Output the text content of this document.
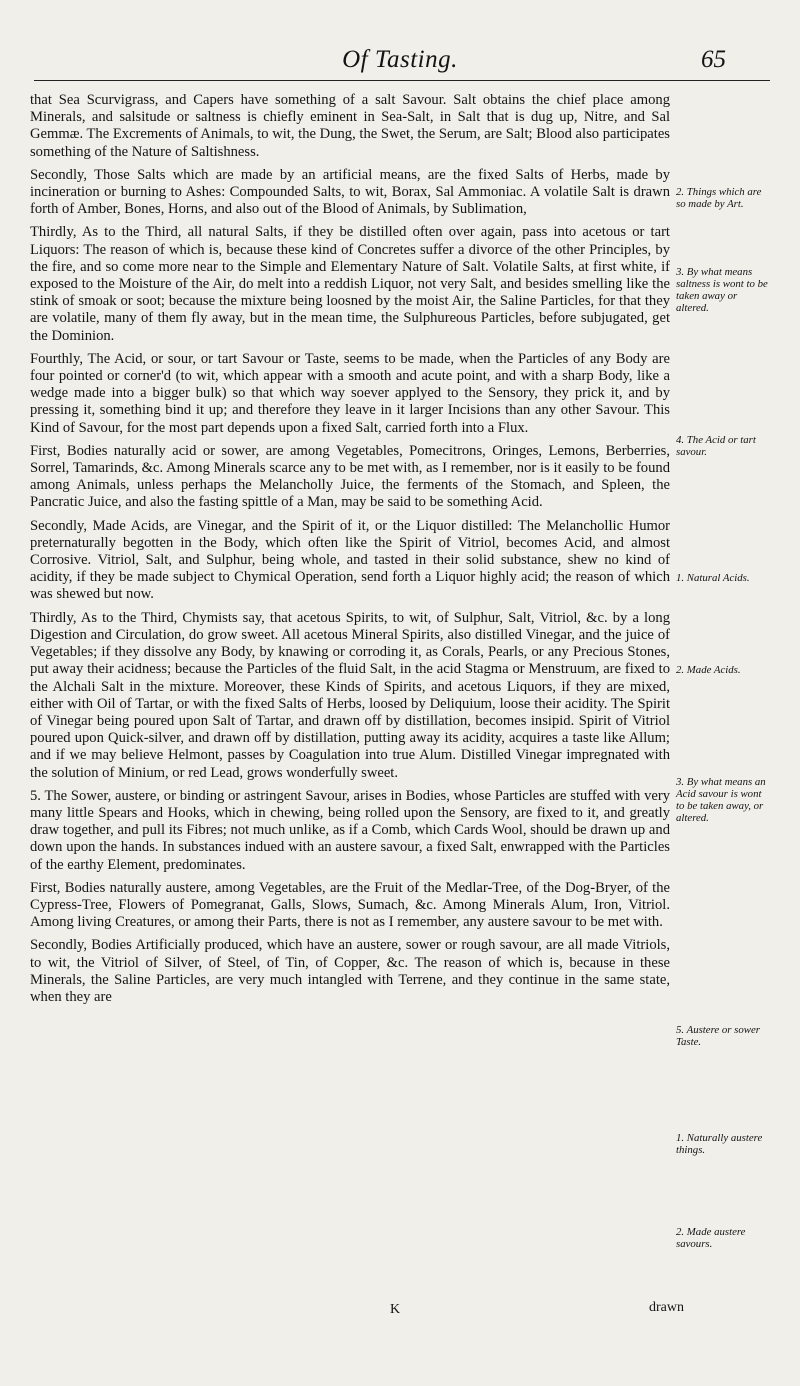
Of Tasting.	65

that Sea Scurvigrass, and Capers have something of a salt Savour. Salt obtains the chief place among Minerals, and salsitude or saltness is chiefly eminent in Sea-Salt, in Salt that is dug up, Nitre, and Sal Gemmæ. The Excrements of Animals, to wit, the Dung, the Swet, the Serum, are Salt; Blood also participates something of the Nature of Saltishness.

Secondly, Those Salts which are made by an artificial means, are the fixed Salts of Herbs, made by incineration or burning to Ashes: Compounded Salts, to wit, Borax, Sal Ammoniac. A volatile Salt is drawn forth of Amber, Bones, Horns, and also out of the Blood of Animals, by Sublimation,

Thirdly, As to the Third, all natural Salts, if they be distilled often over again, pass into acetous or tart Liquors: The reason of which is, because these kind of Concretes suffer a divorce of the other Principles, by the fire, and so come more near to the Simple and Elementary Nature of Salt. Volatile Salts, at first white, if exposed to the Moisture of the Air, do melt into a reddish Liquor, not very Salt, and besides smelling like the stink of smoak or soot; because the mixture being loosned by the moist Air, the Saline Particles, for that they are volatile, many of them fly away, but in the mean time, the Sulphureous Particles, before subjugated, get the Dominion.

Fourthly, The Acid, or sour, or tart Savour or Taste, seems to be made, when the Particles of any Body are four pointed or corner'd (to wit, which appear with a smooth and acute point, and with a sharp Body, like a wedge made into a bigger bulk) so that which way soever applyed to the Sensory, they prick it, and by pressing it, something bind it up; and therefore they leave in it larger Incisions than any other Savour. This Kind of Savour, for the most part depends upon a fixed Salt, carried forth into a Flux.

First, Bodies naturally acid or sower, are among Vegetables, Pomecitrons, Oringes, Lemons, Berberries, Sorrel, Tamarinds, &c. Among Minerals scarce any to be met with, as I remember, nor is it easily to be found among Animals, unless perhaps the Melancholly Juice, the ferments of the Stomach, and Spleen, the Pancratic Juice, and also the fasting spittle of a Man, may be said to be something Acid.

Secondly, Made Acids, are Vinegar, and the Spirit of it, or the Liquor distilled: The Melanchollic Humor preternaturally begotten in the Body, which often like the Spirit of Vitriol, becomes Acid, and almost Corrosive. Vitriol, Salt, and Sulphur, being whole, and tasted in their solid substance, shew no kind of acidity, if they be made subject to Chymical Operation, send forth a Liquor highly acid; the reason of which was shewed but now.

Thirdly, As to the Third, Chymists say, that acetous Spirits, to wit, of Sulphur, Salt, Vitriol, &c. by a long Digestion and Circulation, do grow sweet. All acetous Mineral Spirits, also distilled Vinegar, and the juice of Vegetables; if they dissolve any Body, by knawing or corroding it, as Corals, Pearls, or any Precious Stones, put away their acidness; because the Particles of the fluid Salt, in the acid Stagma or Menstruum, are fixed to the Alchali Salt in the mixture. Moreover, these Kinds of Spirits, and acetous Liquors, if they are mixed, either with Oil of Tartar, or with the fixed Salts of Herbs, loosed by Deliquium, loose their acidity. The Spirit of Vinegar being poured upon Salt of Tartar, and drawn off by distillation, becomes insipid. Spirit of Vitriol poured upon Quick-silver, and drawn off by distillation, putting away its acidity, acquires a taste like Allum; and if we may believe Helmont, passes by Coagulation into true Alum. Distilled Vinegar impregnated with the solution of Minium, or red Lead, grows wonderfully sweet.

5. The Sower, austere, or binding or astringent Savour, arises in Bodies, whose Particles are stuffed with very many little Spears and Hooks, which in chewing, being rolled upon the Sensory, are fixed to it, and greatly draw together, and pull its Fibres; not much unlike, as if a Comb, which Cards Wool, should be drawn up and down upon the hands. In substances indued with an austere savour, a fixed Salt, enwrapped with the Particles of the earthy Element, predominates.

First, Bodies naturally austere, among Vegetables, are the Fruit of the Medlar-Tree, of the Dog-Bryer, of the Cypress-Tree, Flowers of Pomegranat, Galls, Slows, Sumach, &c. Among Minerals Alum, Iron, Vitriol. Among living Creatures, or among their Parts, there is not as I remember, any austere savour to be met with.

Secondly, Bodies Artificially produced, which have an austere, sower or rough savour, are all made Vitriols, to wit, the Vitriol of Silver, of Steel, of Tin, of Copper, &c. The reason of which is, because in these Minerals, the Saline Particles, are very much intangled with Terrene, and they continue in the same state, when they are

2. Things which are so made by Art.
3. By what means saltness is wont to be taken away or altered.
4. The Acid or tart savour.
1. Natural Acids.
2. Made Acids.
3. By what means an Acid savour is wont to be taken away, or altered.
5. Austere or sower Taste.
1. Naturally austere things.
2. Made austere savours.
K	drawn
